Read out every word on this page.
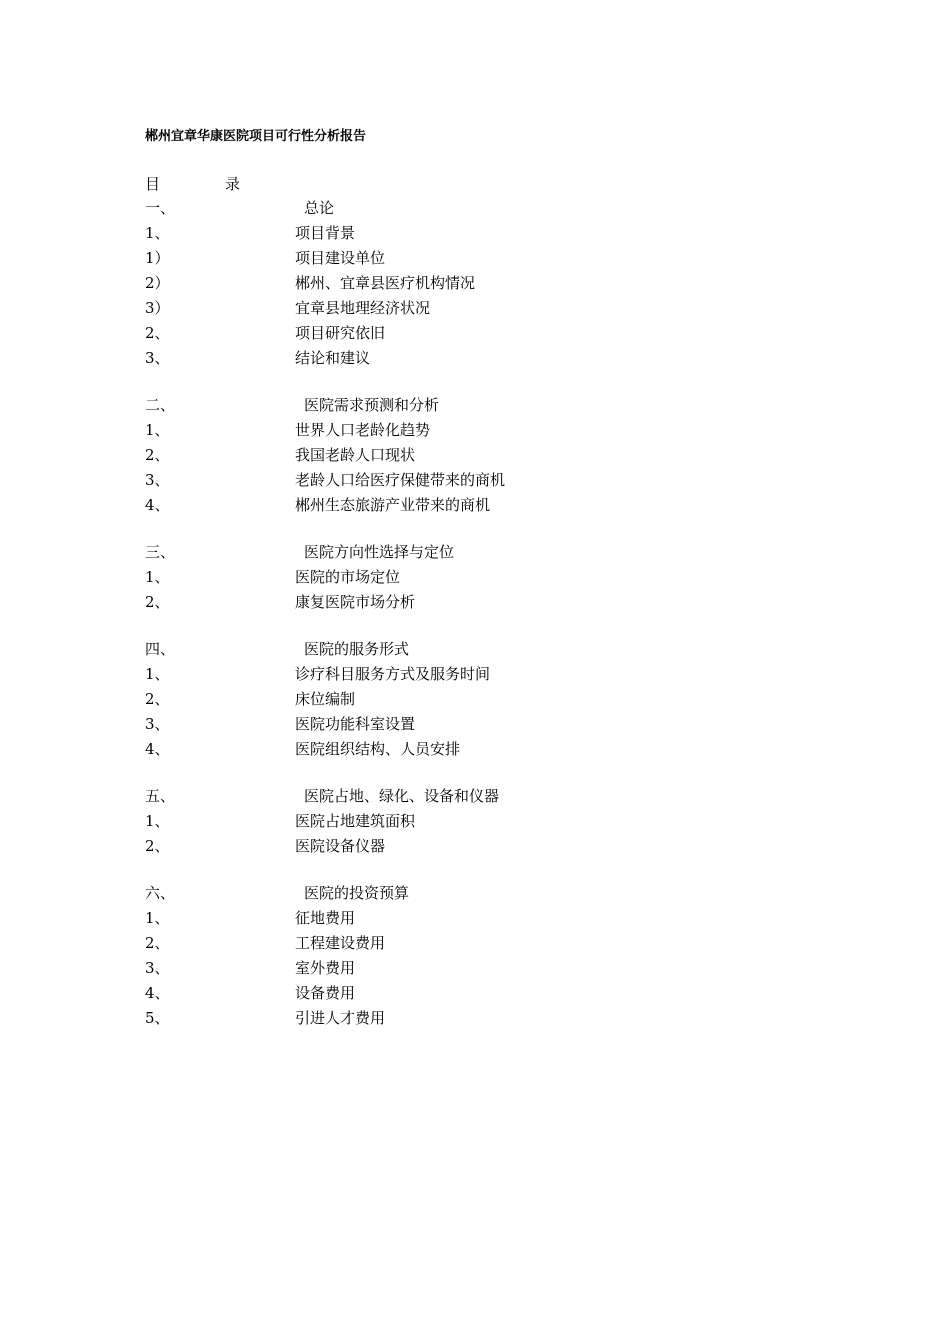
郴州宜章华康医院项目可行性分析报告
目	录
一、	总论
1、	项目背景
1）	项目建设单位
2）	郴州、宜章县医疗机构情况
3）	宜章县地理经济状况
2、	项目研究依旧
3、	结论和建议
二、	医院需求预测和分析
1、	世界人口老龄化趋势
2、	我国老龄人口现状
3、	老龄人口给医疗保健带来的商机
4、	郴州生态旅游产业带来的商机
三、	医院方向性选择与定位
1、	医院的市场定位
2、	康复医院市场分析
四、	医院的服务形式
1、	诊疗科目服务方式及服务时间
2、	床位编制
3、	医院功能科室设置
4、	医院组织结构、人员安排
五、	医院占地、绿化、设备和仪器
1、	医院占地建筑面积
2、	医院设备仪器
六、	医院的投资预算
1、	征地费用
2、	工程建设费用
3、	室外费用
4、	设备费用
5、	引进人才费用
